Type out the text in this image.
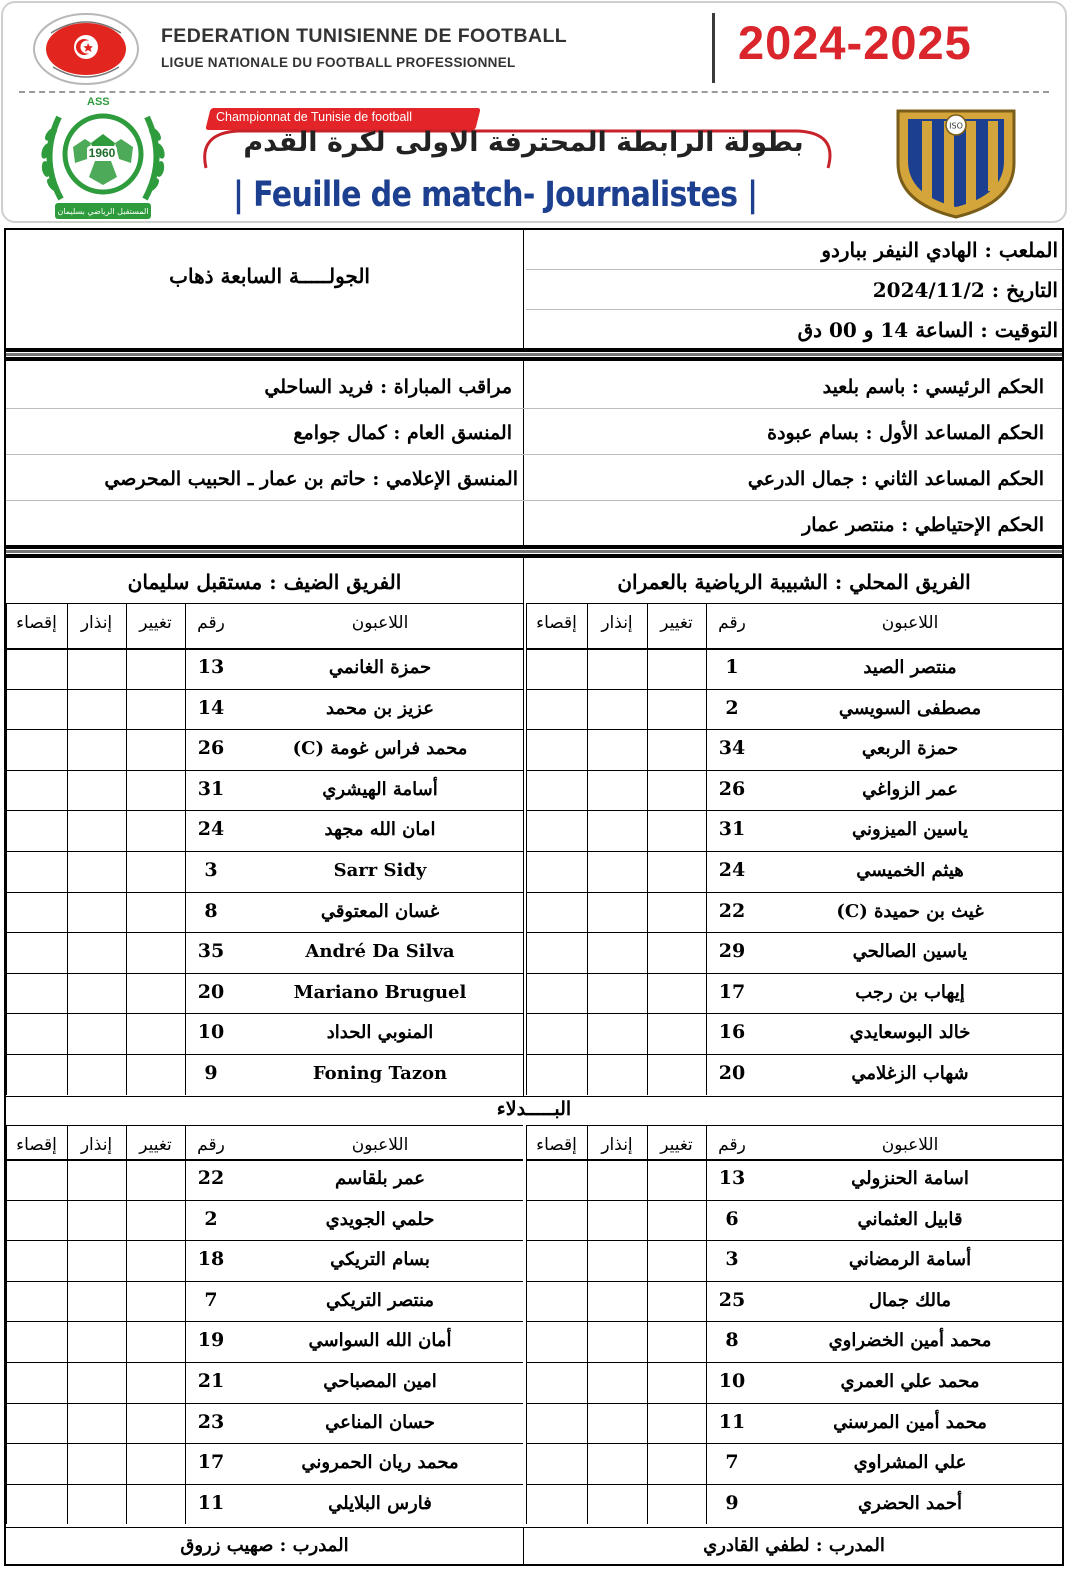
FEDERATION TUNISIENNE DE FOOTBALL
LIGUE NATIONALE DU FOOTBALL PROFESSIONNEL	2024-2025
المستقبل الرياضي بسليمان
ASS
1960
Championnat de Tunisie de football
بطولة الرابطة المحترفة الاولى لكرة القدم
| Feuille de match- Journalistes |
ISO
الملعب : الهادي النيفر بباردو
التاريخ : 2024/11/2
التوقيت : الساعة 14 و 00 دق
الجولـــــة السابعة ذهاب
الحكم الرئيسي : باسم بلعيد
الحكم المساعد الأول : بسام عبودة
الحكم المساعد الثاني : جمال الدرعي
الحكم الإحتياطي : منتصر عمار
مراقب المباراة : فريد الساحلي
المنسق العام : كمال جوامع
المنسق الإعلامي : حاتم بن عمار ـ الحبيب المحرصي
الفريق المحلي : الشبيبة الرياضية بالعمران
الفريق الضيف : مستقبل سليمان
البـــــدلاء
المدرب : لطفي القادري
المدرب : صهيب زروق
اللاعبون
رقم
تغيير
إنذار
إقصاء
منتصر الصيد
1
مصطفى السويسي
2
حمزة الربعي
34
عمر الزواغي
26
ياسين الميزوني
31
هيثم الخميسي
24
غيث بن حميدة (C)
22
ياسين الصالحي
29
إيهاب بن رجب
17
خالد البوسعايدي
16
شهاب الزغلامي
20
اللاعبون
رقم
تغيير
إنذار
إقصاء
حمزة الغانمي
13
عزيز بن محمد
14
محمد فراس غومة (C)
26
أسامة الهيشري
31
امان الله مجهد
24
Sarr Sidy
3
غسان المعتوقي
8
André Da Silva
35
Mariano Bruguel
20
المنوبي الحداد
10
Foning Tazon
9
اللاعبون
رقم
تغيير
إنذار
إقصاء
اسامة الحنزولي
13
قابيل العثماني
6
أسامة الرمضاني
3
مالك جمال
25
محمد أمين الخضراوي
8
محمد علي العمري
10
محمد أمين المرسني
11
علي المشراوي
7
أحمد الحضري
9
اللاعبون
رقم
تغيير
إنذار
إقصاء
عمر بلقاسم
22
حلمي الجويدي
2
بسام التريكي
18
منتصر التريكي
7
أمان الله السواسي
19
امين المصباحي
21
حسان المناعي
23
محمد ريان الحمروني
17
فارس البلايلي
11
